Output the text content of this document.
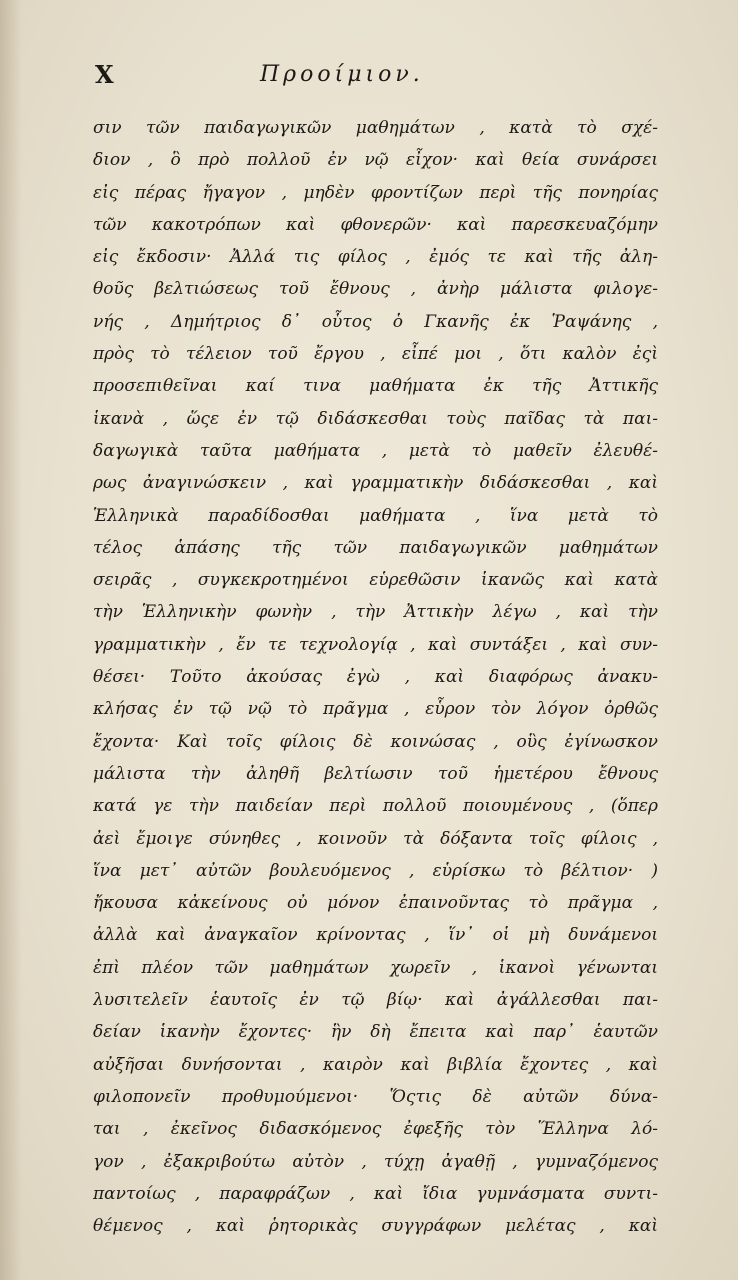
X	Προοίμιον.
σιν τῶν παιδαγωγικῶν μαθημάτων , κατὰ τὸ σχέ-
διον , ὃ πρὸ πολλοῦ ἐν νῷ εἶχον· καὶ θεία συνάρσει
εἰς πέρας ἤγαγον , μηδὲν φροντίζων περὶ τῆς πονηρίας
τῶν κακοτρόπων καὶ φθονερῶν· καὶ παρεσκευαζόμην
εἰς ἔκδοσιν· Ἀλλά τις φίλος , ἐμός τε καὶ τῆς ἀλη-
θοῦς βελτιώσεως τοῦ ἔθνους , ἀνὴρ μάλιστα φιλογε-
νής , Δημήτριος δ᾽ οὗτος ὁ Γκανῆς ἐκ Ῥαψάνης ,
πρὸς τὸ τέλειον τοῦ ἔργου , εἶπέ μοι , ὅτι καλὸν ἐςὶ
προσεπιθεῖναι καί τινα μαθήματα ἐκ τῆς Ἀττικῆς
ἱκανὰ , ὥςε ἐν τῷ διδάσκεσθαι τοὺς παῖδας τὰ παι-
δαγωγικὰ ταῦτα μαθήματα , μετὰ τὸ μαθεῖν ἐλευθέ-
ρως ἀναγινώσκειν , καὶ γραμματικὴν διδάσκεσθαι , καὶ
Ἑλληνικὰ παραδίδοσθαι μαθήματα , ἵνα μετὰ τὸ
τέλος ἁπάσης τῆς τῶν παιδαγωγικῶν μαθημάτων
σειρᾶς , συγκεκροτημένοι εὑρεθῶσιν ἱκανῶς καὶ κατὰ
τὴν Ἑλληνικὴν φωνὴν , τὴν Ἀττικὴν λέγω , καὶ τὴν
γραμματικὴν , ἔν τε τεχνολογίᾳ , καὶ συντάξει , καὶ συν-
θέσει· Τοῦτο ἀκούσας ἐγὼ , καὶ διαφόρως ἀνακυ-
κλήσας ἐν τῷ νῷ τὸ πρᾶγμα , εὗρον τὸν λόγον ὀρθῶς
ἔχοντα· Καὶ τοῖς φίλοις δὲ κοινώσας , οὓς ἐγίνωσκον
μάλιστα τὴν ἀληθῆ βελτίωσιν τοῦ ἡμετέρου ἔθνους
κατά γε τὴν παιδείαν περὶ πολλοῦ ποιουμένους , (ὅπερ
ἀεὶ ἔμοιγε σύνηθες , κοινοῦν τὰ δόξαντα τοῖς φίλοις ,
ἵνα μετ᾽ αὐτῶν βουλευόμενος , εὑρίσκω τὸ βέλτιον· )
ἤκουσα κἀκείνους οὐ μόνον ἐπαινοῦντας τὸ πρᾶγμα ,
ἀλλὰ καὶ ἀναγκαῖον κρίνοντας , ἵν᾽ οἱ μὴ δυνάμενοι
ἐπὶ πλέον τῶν μαθημάτων χωρεῖν , ἱκανοὶ γένωνται
λυσιτελεῖν ἑαυτοῖς ἐν τῷ βίῳ· καὶ ἀγάλλεσθαι παι-
δείαν ἱκανὴν ἔχοντες· ἣν δὴ ἔπειτα καὶ παρ᾽ ἑαυτῶν
αὐξῆσαι δυνήσονται , καιρὸν καὶ βιβλία ἔχοντες , καὶ
φιλοπονεῖν προθυμούμενοι· Ὅςτις δὲ αὐτῶν δύνα-
ται , ἐκεῖνος διδασκόμενος ἐφεξῆς τὸν Ἕλληνα λό-
γον , ἐξακριβούτω αὐτὸν , τύχῃ ἀγαθῇ , γυμναζόμενος
παντοίως , παραφράζων , καὶ ἴδια γυμνάσματα συντι-
θέμενος , καὶ ῥητορικὰς συγγράφων μελέτας , καὶ
